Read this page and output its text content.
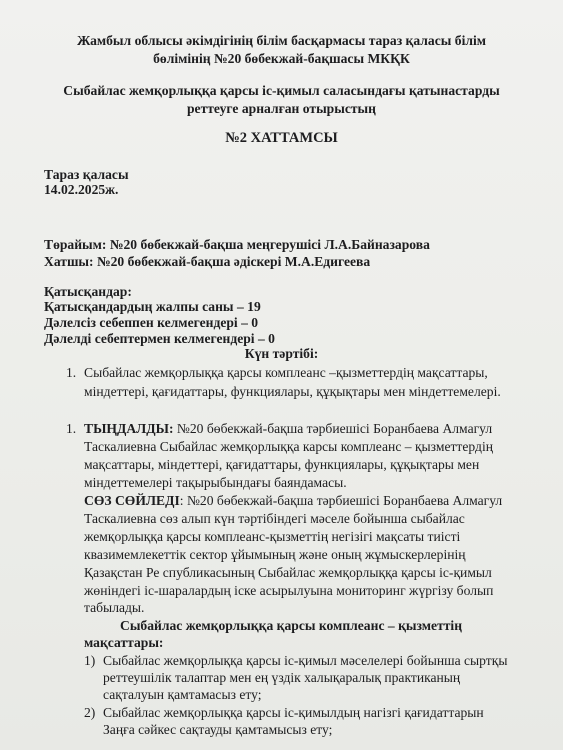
Жамбыл облысы әкімдігінің білім басқармасы тараз қаласы білім
бөлімінің №20 бөбекжай-бақшасы МКҚК
Сыбайлас жемқорлыққа қарсы іс-қимыл саласындағы қатынастарды
реттеуге арналған отырыстың
№2 ХАТТАМСЫ
Тараз қаласы
14.02.2025ж.
Төрайым: №20 бөбекжай-бақша меңгерушісі Л.А.Байназарова
Хатшы: №20 бөбекжай-бақша әдіскері М.А.Едигеева
Қатысқандар:
Қатысқандардың жалпы саны – 19
Дәлелсіз себеппен келмегендері – 0
Дәлелді себептермен келмегендері – 0
Күн тәртібі:
1. Сыбайлас жемқорлыққа қарсы комплеанс –қызметтердің мақсаттары,
міндеттері, қағидаттары, функциялары, құқықтары мен міндеттемелері.
1. ТЫҢДАЛДЫ: №20 бөбекжай-бақша тәрбиешісі Боранбаева Алмагул
Таскалиевна Сыбайлас жемқорлыққа карсы комплеанс – қызметтердің
мақсаттары, міндеттері, қағидаттары, функциялары, құқықтары мен
міндеттемелері тақырыбындағы баяндамасы.
СӨЗ СӨЙЛЕДІ: №20 бөбекжай-бақша тәрбиешісі Боранбаева Алмагул
Таскалиевна сөз алып күн тәртібіндегі мәселе бойынша сыбайлас
жемқорлыққа қарсы комплеанс-қызметтің негізігі мақсаты тиісті
квазимемлекеттік сектор ұйымының және оның жұмыскерлерінің
Қазақстан Ре спубликасының Сыбайлас жемқорлыққа қарсы іс-қимыл
жөніндегі іс-шаралардың іске асырылуына мониторинг жүргізу болып
табылады.
Сыбайлас жемқорлыққа қарсы комплеанс – қызметтің
мақсаттары:
1) Сыбайлас жемқорлыққа қарсы іс-қимыл мәселелері бойынша сыртқы
реттеушілік талаптар мен ең үздік халықаралық практиканың
сақталуын қамтамасыз ету;
2) Сыбайлас жемқорлыққа қарсы іс-қимылдың нагізгі қағидаттарын
Заңға сәйкес сақтауды қамтамысыз ету;
